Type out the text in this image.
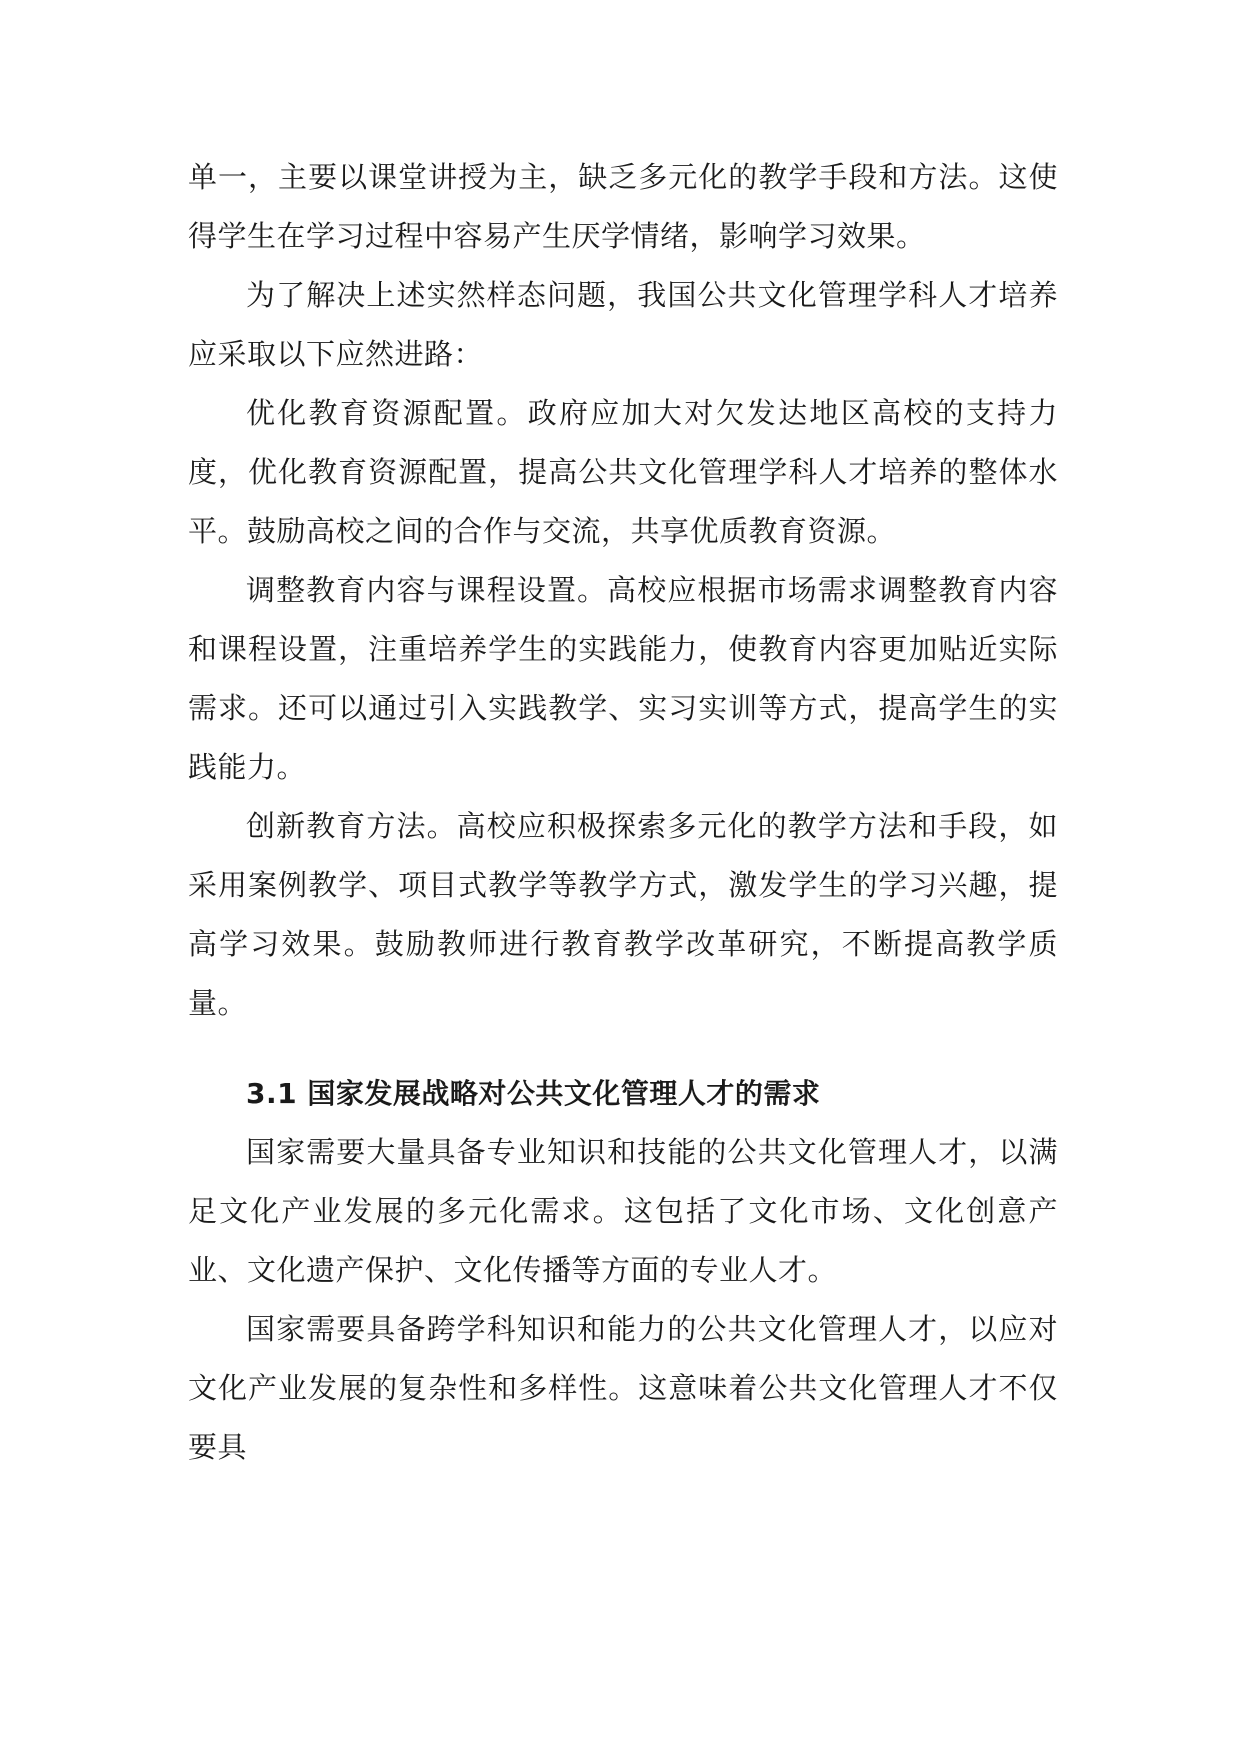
单一，主要以课堂讲授为主，缺乏多元化的教学手段和方法。这使得学生在学习过程中容易产生厌学情绪，影响学习效果。

为了解决上述实然样态问题，我国公共文化管理学科人才培养应采取以下应然进路：

优化教育资源配置。政府应加大对欠发达地区高校的支持力度，优化教育资源配置，提高公共文化管理学科人才培养的整体水平。鼓励高校之间的合作与交流，共享优质教育资源。

调整教育内容与课程设置。高校应根据市场需求调整教育内容和课程设置，注重培养学生的实践能力，使教育内容更加贴近实际需求。还可以通过引入实践教学、实习实训等方式，提高学生的实践能力。

创新教育方法。高校应积极探索多元化的教学方法和手段，如采用案例教学、项目式教学等教学方式，激发学生的学习兴趣，提高学习效果。鼓励教师进行教育教学改革研究，不断提高教学质量。

3.1 国家发展战略对公共文化管理人才的需求

国家需要大量具备专业知识和技能的公共文化管理人才，以满足文化产业发展的多元化需求。这包括了文化市场、文化创意产业、文化遗产保护、文化传播等方面的专业人才。

国家需要具备跨学科知识和能力的公共文化管理人才，以应对文化产业发展的复杂性和多样性。这意味着公共文化管理人才不仅要具
